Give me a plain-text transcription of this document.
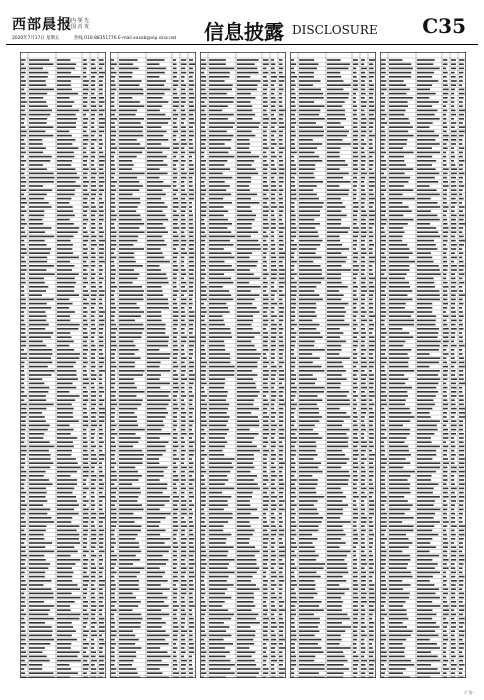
西部晨报
国内 领 先
全国 首 发
2020年7月17日 星期五	热线 010-88351776 E-mail:xxxxb@vip.sina.net 信息披露 DISCLOSURE C35
·广告·
